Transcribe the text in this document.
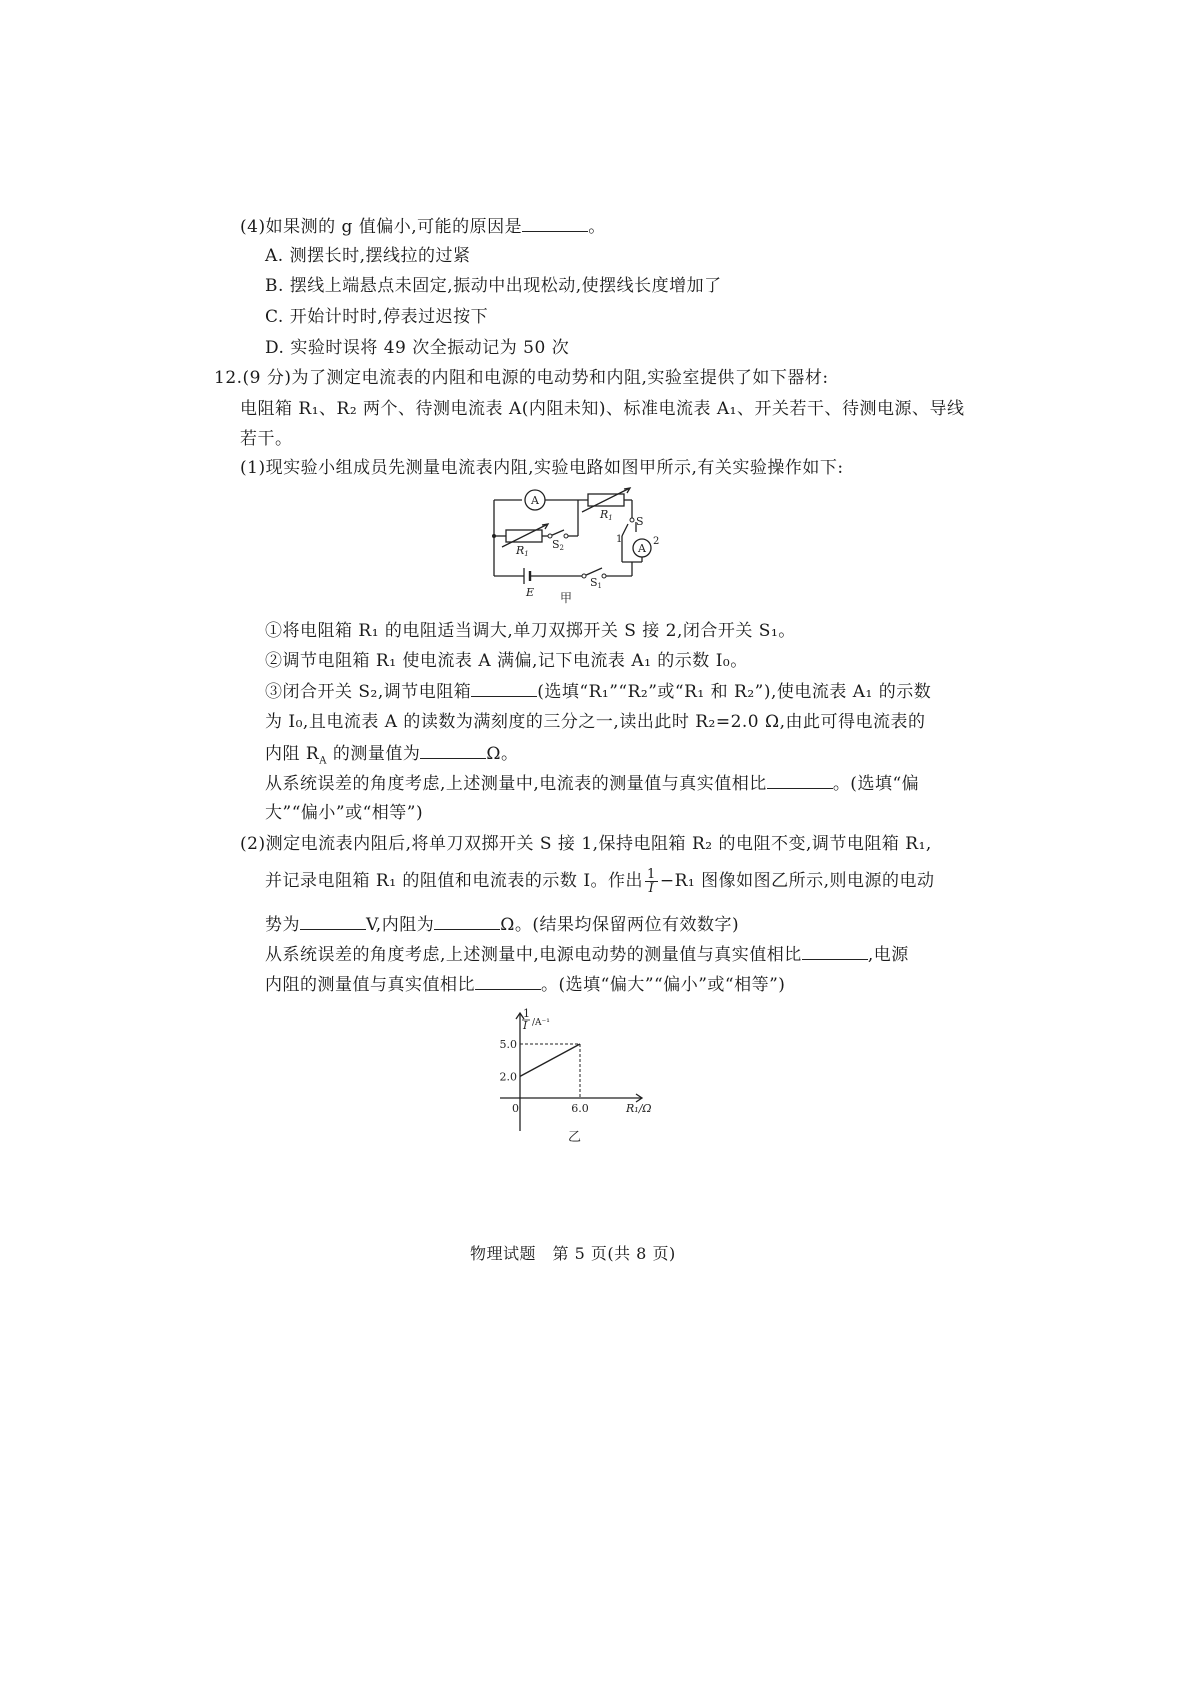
(4)如果测的 g 值偏小,可能的原因是	。
A. 测摆长时,摆线拉的过紧
B. 摆线上端悬点未固定,振动中出现松动,使摆线长度增加了
C. 开始计时时,停表过迟按下
D. 实验时误将 49 次全振动记为 50 次
12.(9 分)为了测定电流表的内阻和电源的电动势和内阻,实验室提供了如下器材:
电阻箱 R₁、R₂ 两个、待测电流表 A(内阻未知)、标准电流表 A₁、开关若干、待测电源、导线
若干。
(1)现实验小组成员先测量电流表内阻,实验电路如图甲所示,有关实验操作如下:
A
A
R1
R1
S2
S
S1
1	2
E 甲
①将电阻箱 R₁ 的电阻适当调大,单刀双掷开关 S 接 2,闭合开关 S₁。
②调节电阻箱 R₁ 使电流表 A 满偏,记下电流表 A₁ 的示数 I₀。
③闭合开关 S₂,调节电阻箱	(选填“R₁”“R₂”或“R₁ 和 R₂”),使电流表 A₁ 的示数
为 I₀,且电流表 A 的读数为满刻度的三分之一,读出此时 R₂=2.0 Ω,由此可得电流表的
内阻 $R_A$ 的测量值为	Ω。
从系统误差的角度考虑,上述测量中,电流表的测量值与真实值相比	。(选填“偏
大”“偏小”或“相等”)
(2)测定电流表内阻后,将单刀双掷开关 S 接 1,保持电阻箱 R₂ 的电阻不变,调节电阻箱 R₁,
并记录电阻箱 R₁ 的阻值和电流表的示数 I。作出 $\frac{1}{I} -R_1$ 图像如图乙所示,则电源的电动
势为	V,内阻为	Ω。(结果均保留两位有效数字)
从系统误差的角度考虑,上述测量中,电源电动势的测量值与真实值相比	,电源
内阻的测量值与真实值相比	。(选填“偏大”“偏小”或“相等”)
1
I /A⁻¹
R₁/Ω
0	6.0
2.0
5.0
乙
物理试题　第 5 页(共 8 页)
